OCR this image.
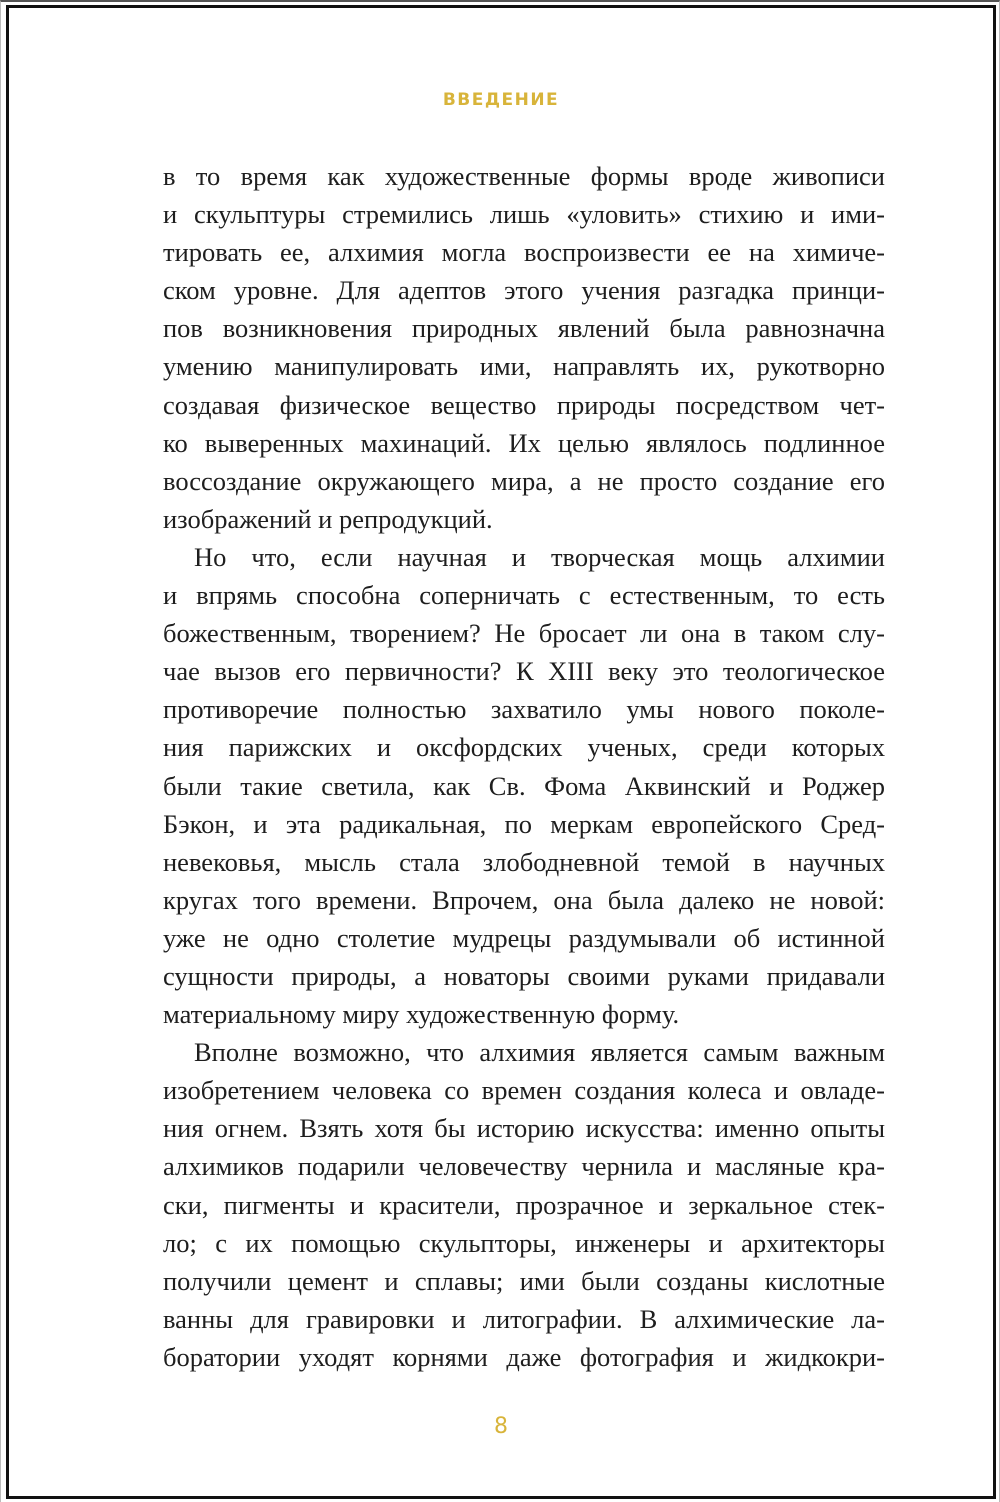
ВВЕДЕНИЕ
в то время как художественные формы вроде живописи
и скульптуры стремились лишь «уловить» стихию и ими-
тировать ее, алхимия могла воспроизвести ее на химиче-
ском уровне. Для адептов этого учения разгадка принци-
пов возникновения природных явлений была равнозначна
умению манипулировать ими, направлять их, рукотворно
создавая физическое вещество природы посредством чет-
ко выверенных махинаций. Их целью являлось подлинное
воссоздание окружающего мира, а не просто создание его
изображений и репродукций.
Но что, если научная и творческая мощь алхимии
и впрямь способна соперничать с естественным, то есть
божественным, творением? Не бросает ли она в таком слу-
чае вызов его первичности? К XIII веку это теологическое
противоречие полностью захватило умы нового поколе-
ния парижских и оксфордских ученых, среди которых
были такие светила, как Св. Фома Аквинский и Роджер
Бэкон, и эта радикальная, по меркам европейского Сред-
невековья, мысль стала злободневной темой в научных
кругах того времени. Впрочем, она была далеко не новой:
уже не одно столетие мудрецы раздумывали об истинной
сущности природы, а новаторы своими руками придавали
материальному миру художественную форму.
Вполне возможно, что алхимия является самым важным
изобретением человека со времен создания колеса и овладе-
ния огнем. Взять хотя бы историю искусства: именно опыты
алхимиков подарили человечеству чернила и масляные кра-
ски, пигменты и красители, прозрачное и зеркальное стек-
ло; с их помощью скульпторы, инженеры и архитекторы
получили цемент и сплавы; ими были созданы кислотные
ванны для гравировки и литографии. В алхимические ла-
боратории уходят корнями даже фотография и жидкокри-
8
